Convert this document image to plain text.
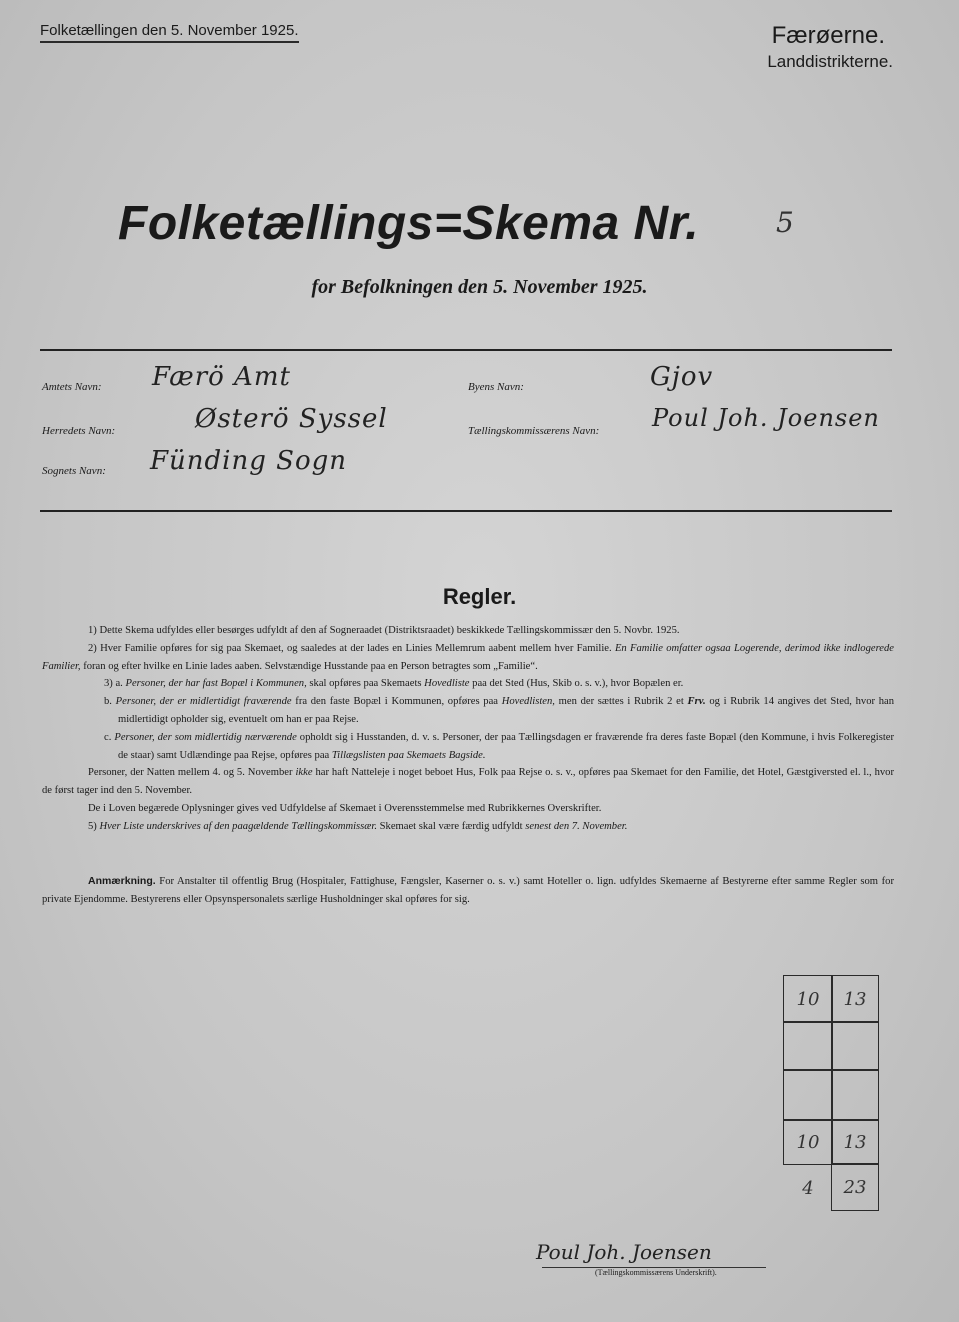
Folketællingen den 5. November 1925.	Færøerne.
Landdistrikterne.
Folketællings=Skema Nr.	5
for Befolkningen den 5. November 1925.
Amtets Navn: Færö Amt
Herredets Navn:	Østerö Syssel
Sognets Navn: Fünding Sogn
Byens Navn:	Gjov
Tællingskommissærens Navn: Poul Joh. Joensen
Regler.

1) Dette Skema udfyldes eller besørges udfyldt af den af Sogneraadet (Distriktsraadet) beskikkede Tællingskommissær den 5. Novbr. 1925.

2) Hver Familie opføres for sig paa Skemaet, og saaledes at der lades en Linies Mellemrum aabent mellem hver Familie. En Familie omfatter ogsaa Logerende, derimod ikke indlogerede Familier, foran og efter hvilke en Linie lades aaben. Selvstændige Husstande paa en Person betragtes som „Familie“.

3) a. Personer, der har fast Bopæl i Kommunen, skal opføres paa Skemaets Hovedliste paa det Sted (Hus, Skib o. s. v.), hvor Bopælen er.

b. Personer, der er midlertidigt fraværende fra den faste Bopæl i Kommunen, opføres paa Hovedlisten, men der sættes i Rubrik 2 et Frv. og i Rubrik 14 angives det Sted, hvor han midlertidigt opholder sig, eventuelt om han er paa Rejse.

c. Personer, der som midlertidig nærværende opholdt sig i Husstanden, d. v. s. Personer, der paa Tællingsdagen er fraværende fra deres faste Bopæl (den Kommune, i hvis Folkeregister de staar) samt Udlændinge paa Rejse, opføres paa Tillægslisten paa Skemaets Bagside.

Personer, der Natten mellem 4. og 5. November ikke har haft Natteleje i noget beboet Hus, Folk paa Rejse o. s. v., opføres paa Skemaet for den Familie, det Hotel, Gæstgiversted el. l., hvor de først tager ind den 5. November.

De i Loven begærede Oplysninger gives ved Udfyldelse af Skemaet i Overensstemmelse med Rubrikkernes Overskrifter.

5) Hver Liste underskrives af den paagældende Tællingskommissær. Skemaet skal være færdig udfyldt senest den 7. November.

Anmærkning. For Anstalter til offentlig Brug (Hospitaler, Fattighuse, Fængsler, Kaserner o. s. v.) samt Hoteller o. lign. udfyldes Skemaerne af Bestyrerne efter samme Regler som for private Ejendomme. Bestyrerens eller Opsynspersonalets særlige Husholdninger skal opføres for sig.
10	13
10	13
4	23
Poul Joh. Joensen
(Tællingskommissærens Underskrift).
